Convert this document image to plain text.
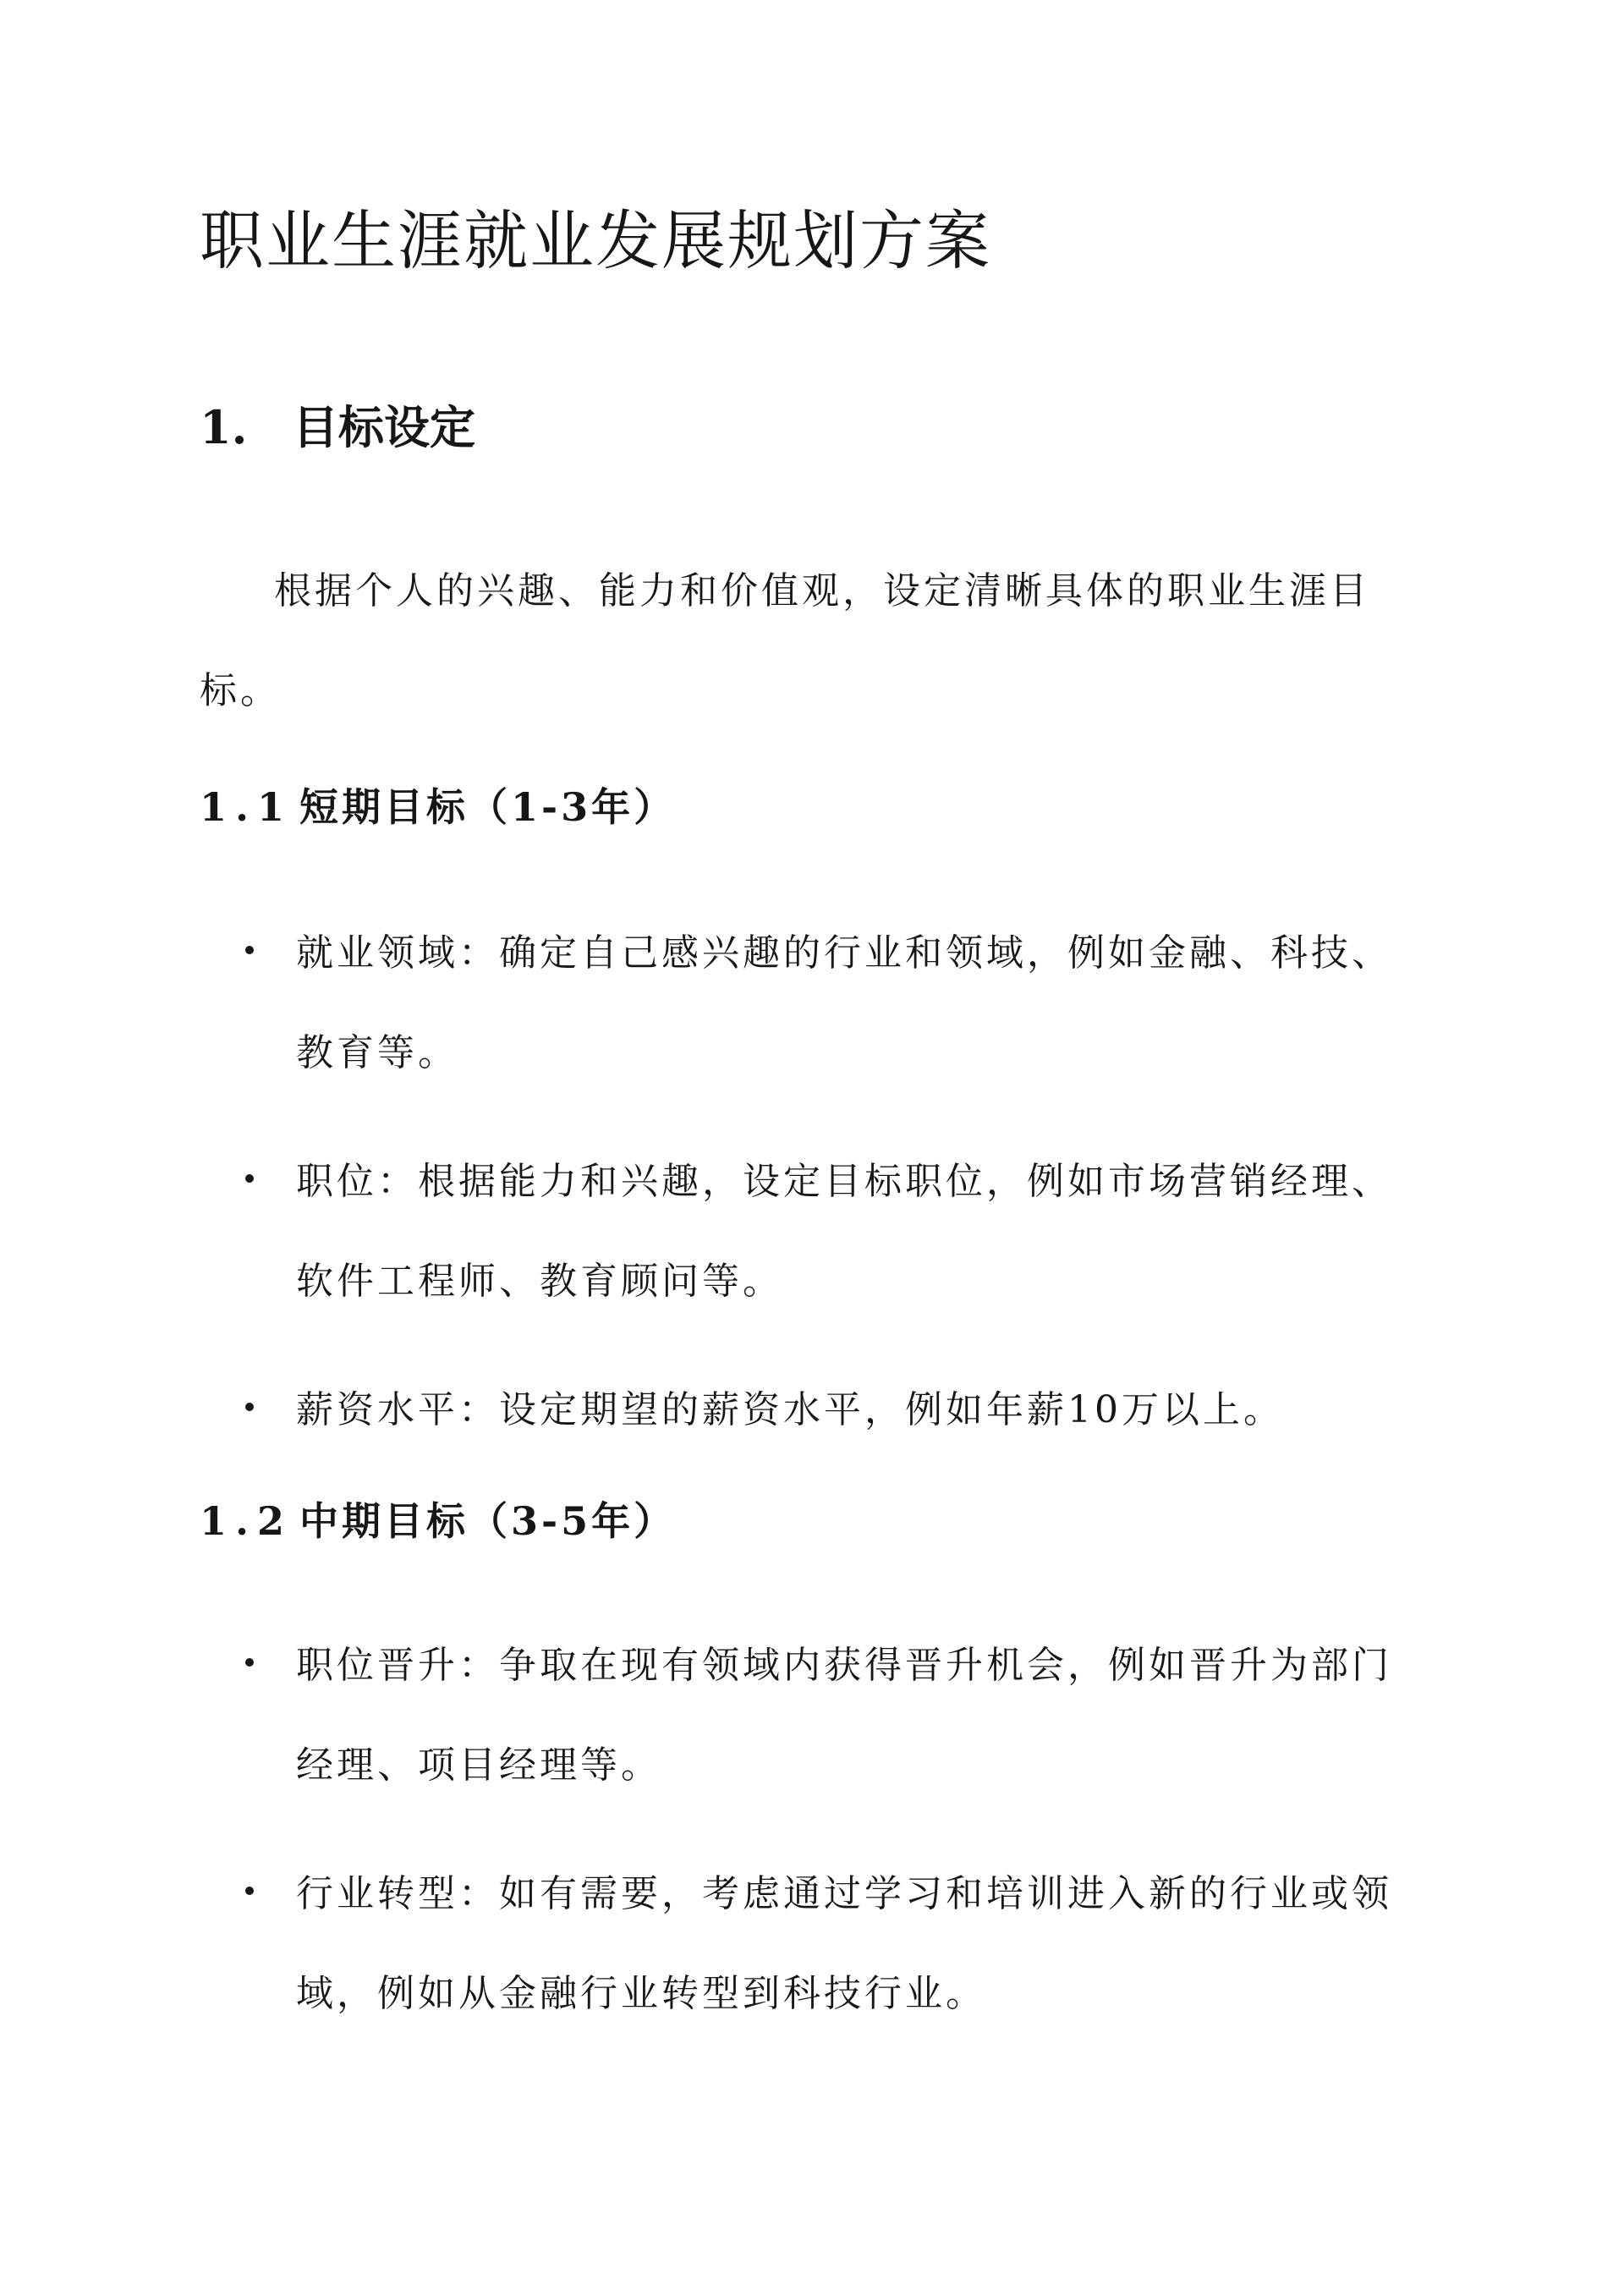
职业生涯就业发展规划方案
1. 目标设定

根据个人的兴趣、能力和价值观，设定清晰具体的职业生涯目标。

1.1 短期目标（1-3年）
就业领域：确定自己感兴趣的行业和领域，例如金融、科技、教育等。
职位：根据能力和兴趣，设定目标职位，例如市场营销经理、软件工程师、教育顾问等。
薪资水平：设定期望的薪资水平，例如年薪10万以上。
1.2 中期目标（3-5年）
职位晋升：争取在现有领域内获得晋升机会，例如晋升为部门经理、项目经理等。
行业转型：如有需要，考虑通过学习和培训进入新的行业或领域，例如从金融行业转型到科技行业。
